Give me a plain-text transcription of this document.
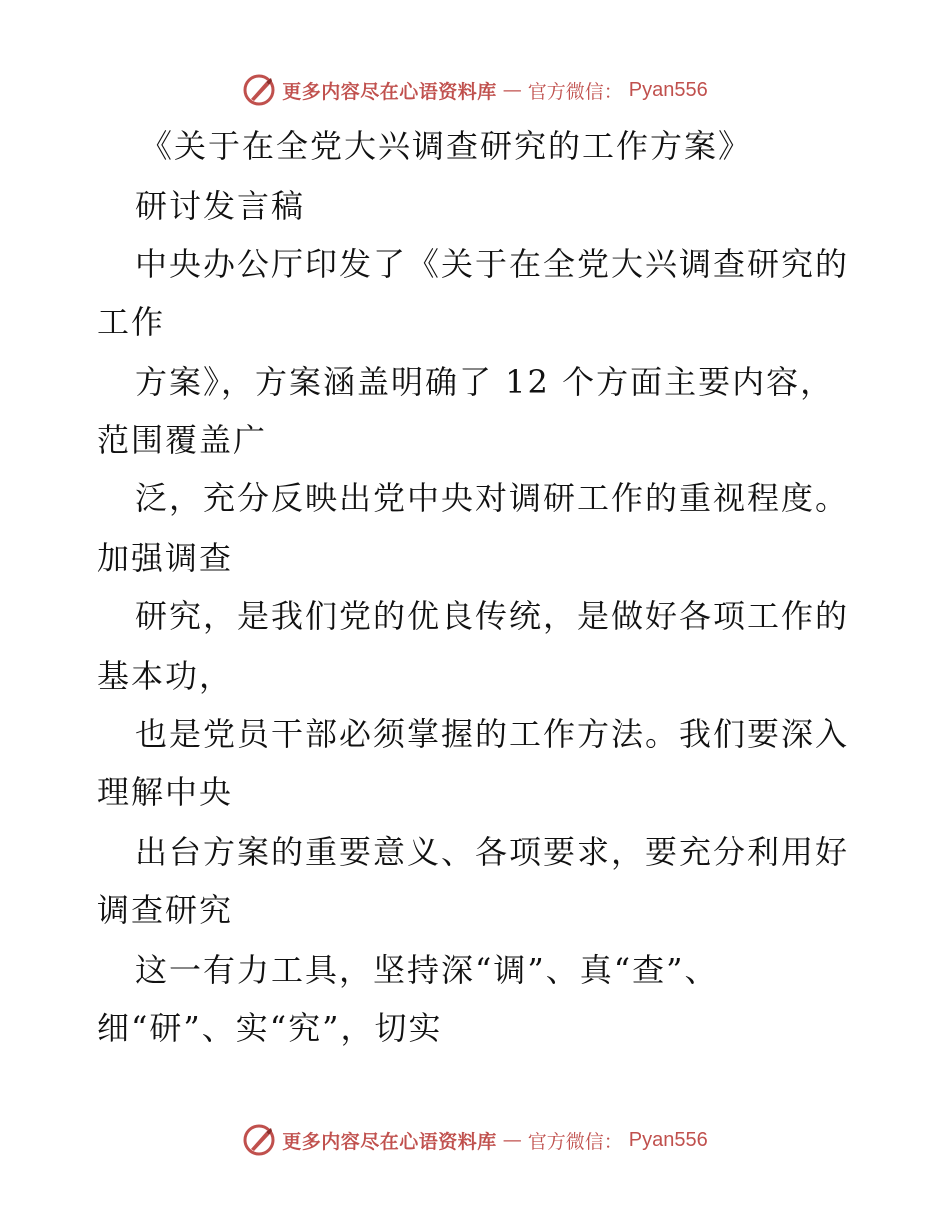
更多内容尽在心语资料库 — 官方微信： Pyan556
《关于在全党大兴调查研究的工作方案》
研讨发言稿
中央办公厅印发了《关于在全党大兴调查研究的
工作
方案》，方案涵盖明确了 12 个方面主要内容，
范围覆盖广
泛，充分反映出党中央对调研工作的重视程度。
加强调查
研究，是我们党的优良传统，是做好各项工作的
基本功，
也是党员干部必须掌握的工作方法。我们要深入
理解中央
出台方案的重要意义、各项要求，要充分利用好
调查研究
这一有力工具，坚持深“调”、真“查”、
细“研”、实“究”，切实
更多内容尽在心语资料库 — 官方微信： Pyan556
